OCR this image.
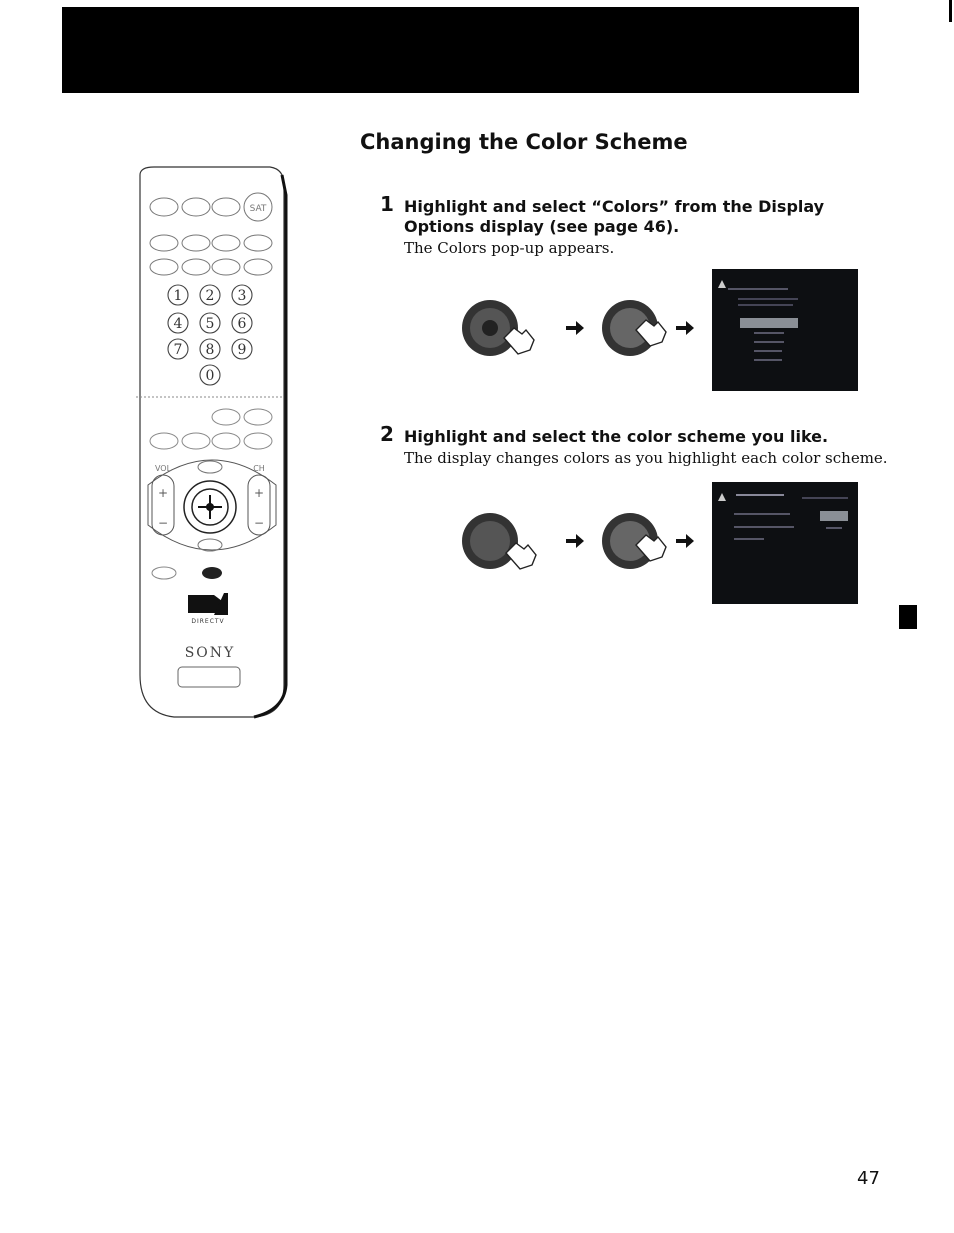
SAT
1 2 3
4 5 6
7 8 9
0
+
−
+
−
VOL	CH
DIRECTV
SONY
Changing the Color Scheme
1 Highlight and select “Colors” from the Display Options display (see page 46).

The Colors pop-up appears.

2 Highlight and select the color scheme you like.

The display changes colors as you highlight each color scheme.

47
